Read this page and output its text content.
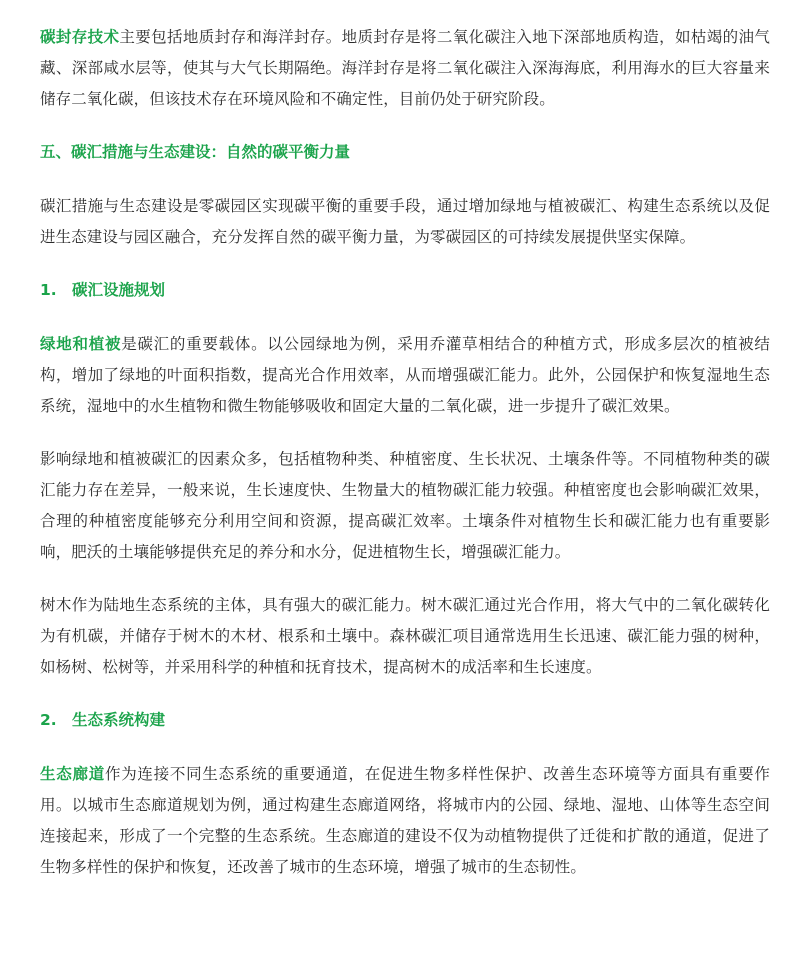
碳封存技术主要包括地质封存和海洋封存。地质封存是将二氧化碳注入地下深部地质构造，如枯竭的油气藏、深部咸水层等，使其与大气长期隔绝。海洋封存是将二氧化碳注入深海海底，利用海水的巨大容量来储存二氧化碳，但该技术存在环境风险和不确定性，目前仍处于研究阶段。

五、碳汇措施与生态建设：自然的碳平衡力量

碳汇措施与生态建设是零碳园区实现碳平衡的重要手段，通过增加绿地与植被碳汇、构建生态系统以及促进生态建设与园区融合，充分发挥自然的碳平衡力量，为零碳园区的可持续发展提供坚实保障。

1. 碳汇设施规划

绿地和植被是碳汇的重要载体。以公园绿地为例，采用乔灌草相结合的种植方式，形成多层次的植被结构，增加了绿地的叶面积指数，提高光合作用效率，从而增强碳汇能力。此外，公园保护和恢复湿地生态系统，湿地中的水生植物和微生物能够吸收和固定大量的二氧化碳，进一步提升了碳汇效果。

影响绿地和植被碳汇的因素众多，包括植物种类、种植密度、生长状况、土壤条件等。不同植物种类的碳汇能力存在差异，一般来说，生长速度快、生物量大的植物碳汇能力较强。种植密度也会影响碳汇效果，合理的种植密度能够充分利用空间和资源，提高碳汇效率。土壤条件对植物生长和碳汇能力也有重要影响，肥沃的土壤能够提供充足的养分和水分，促进植物生长，增强碳汇能力。

树木作为陆地生态系统的主体，具有强大的碳汇能力。树木碳汇通过光合作用，将大气中的二氧化碳转化为有机碳，并储存于树木的木材、根系和土壤中。森林碳汇项目通常选用生长迅速、碳汇能力强的树种，如杨树、松树等，并采用科学的种植和抚育技术，提高树木的成活率和生长速度。

2. 生态系统构建

生态廊道作为连接不同生态系统的重要通道，在促进生物多样性保护、改善生态环境等方面具有重要作用。以城市生态廊道规划为例，通过构建生态廊道网络，将城市内的公园、绿地、湿地、山体等生态空间连接起来，形成了一个完整的生态系统。生态廊道的建设不仅为动植物提供了迁徙和扩散的通道，促进了生物多样性的保护和恢复，还改善了城市的生态环境，增强了城市的生态韧性。
